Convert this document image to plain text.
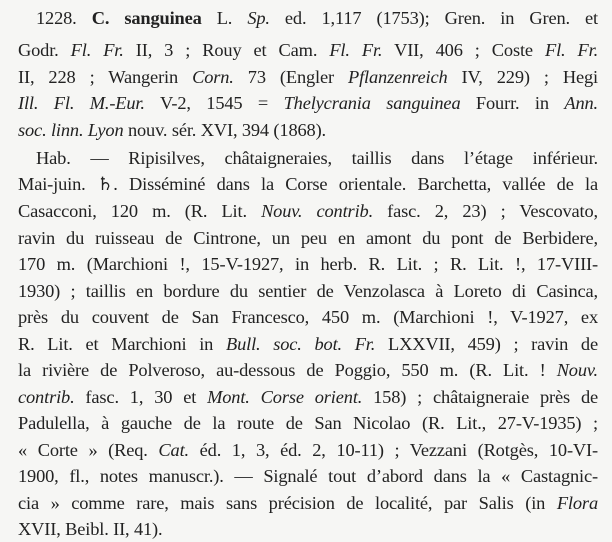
1228. C. sanguinea L. Sp. ed. 1,117 (1753); Gren. in Gren. et
Godr. Fl. Fr. II, 3 ; Rouy et Cam. Fl. Fr. VII, 406 ; Coste Fl. Fr.
II, 228 ; Wangerin Corn. 73 (Engler Pflanzenreich IV, 229) ; Hegi
Ill. Fl. M.-Eur. V-2, 1545 = Thelycrania sanguinea Fourr. in Ann.
soc. linn. Lyon nouv. sér. XVI, 394 (1868).
Hab. — Ripisilves, châtaigneraies, taillis dans l’étage inférieur.
Mai-juin. ♄. Disséminé dans la Corse orientale. Barchetta, vallée de la
Casacconi, 120 m. (R. Lit. Nouv. contrib. fasc. 2, 23) ; Vescovato,
ravin du ruisseau de Cintrone, un peu en amont du pont de Berbidere,
170 m. (Marchioni !, 15-V-1927, in herb. R. Lit. ; R. Lit. !, 17-VIII-
1930) ; taillis en bordure du sentier de Venzolasca à Loreto di Casinca,
près du couvent de San Francesco, 450 m. (Marchioni !, V-1927, ex
R. Lit. et Marchioni in Bull. soc. bot. Fr. LXXVII, 459) ; ravin de
la rivière de Polveroso, au-dessous de Poggio, 550 m. (R. Lit. ! Nouv.
contrib. fasc. 1, 30 et Mont. Corse orient. 158) ; châtaigneraie près de
Padulella, à gauche de la route de San Nicolao (R. Lit., 27-V-1935) ;
« Corte » (Req. Cat. éd. 1, 3, éd. 2, 10-11) ; Vezzani (Rotgès, 10-VI-
1900, fl., notes manuscr.). — Signalé tout d’abord dans la « Castagnic-
cia » comme rare, mais sans précision de localité, par Salis (in Flora
XVII, Beibl. II, 41).
